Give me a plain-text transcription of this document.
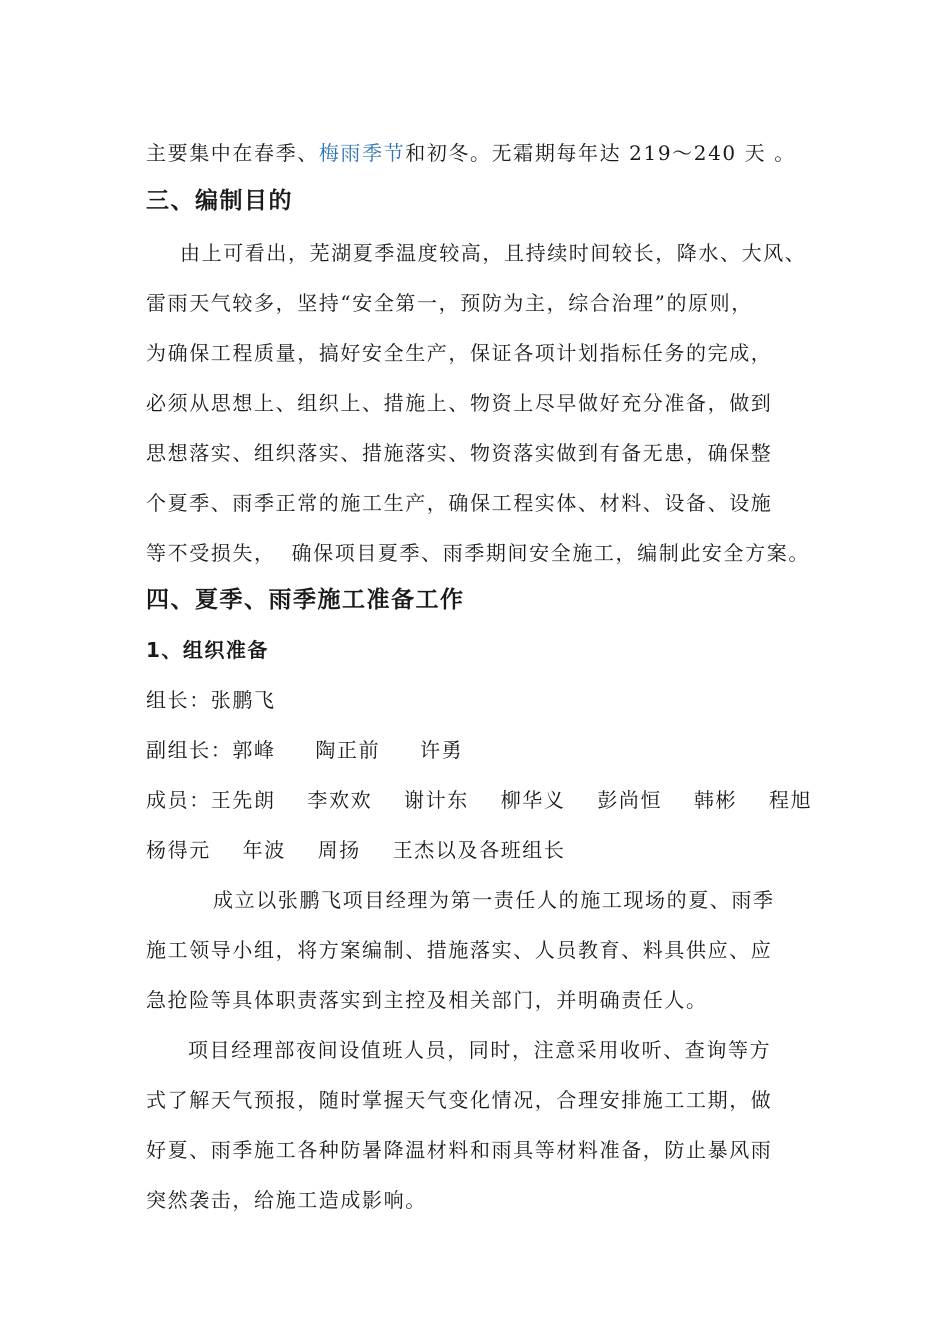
主要集中在春季、梅雨季节和初冬。无霜期每年达 219～240 天 。
三、编制目的
由上可看出，芜湖夏季温度较高，且持续时间较长，降水、大风、
雷雨天气较多，坚持“安全第一，预防为主，综合治理”的原则，
为确保工程质量，搞好安全生产，保证各项计划指标任务的完成，
必须从思想上、组织上、措施上、物资上尽早做好充分准备，做到
思想落实、组织落实、措施落实、物资落实做到有备无患，确保整
个夏季、雨季正常的施工生产，确保工程实体、材料、设备、设施
等不受损失，  确保项目夏季、雨季期间安全施工，编制此安全方案。
四、夏季、雨季施工准备工作
1、组织准备
组长：张鹏飞
副组长：郭峰     陶正前     许勇
成员：王先朗    李欢欢    谢计东    柳华义    彭尚恒    韩彬    程旭
杨得元    年波    周扬    王杰以及各班组长
成立以张鹏飞项目经理为第一责任人的施工现场的夏、雨季
施工领导小组，将方案编制、措施落实、人员教育、料具供应、应
急抢险等具体职责落实到主控及相关部门，并明确责任人。
项目经理部夜间设值班人员，同时，注意采用收听、查询等方
式了解天气预报，随时掌握天气变化情况，合理安排施工工期，做
好夏、雨季施工各种防暑降温材料和雨具等材料准备，防止暴风雨
突然袭击，给施工造成影响。
